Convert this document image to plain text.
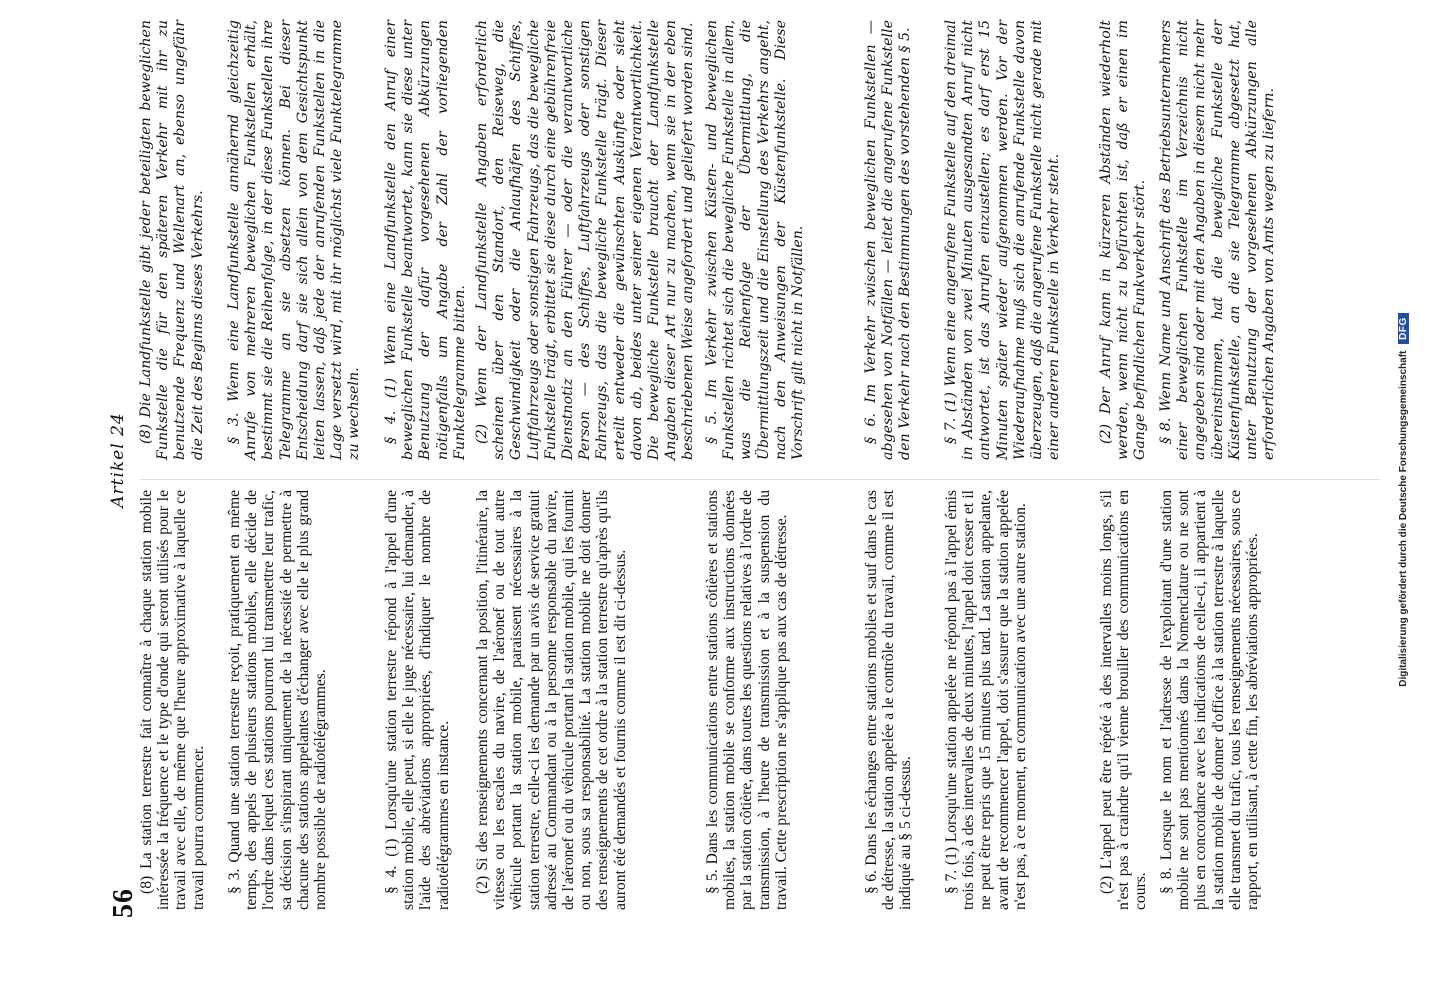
56
Artikel 24

(8) La station terrestre fait connaître à chaque station mobile intéressée la fréquence et le type d'onde qui seront utilisés pour le travail avec elle, de même que l'heure approximative à laquelle ce travail pourra commencer. § 3. Quand une station terrestre reçoit, pratiquement en même temps, des appels de plusieurs stations mobiles, elle décide de l'ordre dans lequel ces stations pourront lui transmettre leur trafic, sa décision s'inspirant uniquement de la nécessité de permettre à chacune des stations appelantes d'échanger avec elle le plus grand nombre possible de radiotélégrammes.	§ 4. (1) Lorsqu'une station terrestre répond à l'appel d'une station mobile, elle peut, si elle le juge nécessaire, lui demander, à l'aide des abréviations appropriées, d'indiquer le nombre de radiotélégrammes en instance. (2) Si des renseignements concernant la position, l'itinéraire, la vitesse ou les escales du navire, de l'aéronef ou de tout autre véhicule portant la station mobile, paraissent nécessaires à la station terrestre, celle-ci les demande par un avis de service gratuit adressé au Commandant ou à la personne responsable du navire, de l'aéronef ou du véhicule portant la station mobile, qui les fournit ou non, sous sa responsabilité. La station mobile ne doit donner des renseignements de cet ordre à la station terrestre qu'après qu'ils auront été demandés et fournis comme il est dit ci-dessus.	§ 5. Dans les communications entre stations côtières et stations mobiles, la station mobile se conforme aux instructions données par la station côtière, dans toutes les questions relatives à l'ordre de transmission, à l'heure de transmission et à la suspension du travail. Cette prescription ne s'applique pas aux cas de détresse.	§ 6. Dans les échanges entre stations mobiles et sauf dans le cas de détresse, la station appelée a le contrôle du travail, comme il est indiqué au § 5 ci-dessus. § 7. (1) Lorsqu'une station appelée ne répond pas à l'appel émis trois fois, à des intervalles de deux minutes, l'appel doit cesser et il ne peut être repris que 15 minutes plus tard. La station appelante, avant de recommencer l'appel, doit s'assurer que la station appelée n'est pas, à ce moment, en communication avec une autre station.	(2) L'appel peut être répété à des intervalles moins longs, s'il n'est pas à craindre qu'il vienne brouiller des communications en cours. § 8. Lorsque le nom et l'adresse de l'exploitant d'une station mobile ne sont pas mentionnés dans la Nomenclature ou ne sont plus en concordance avec les indications de celle-ci, il appartient à la station mobile de donner d'office à la station terrestre à laquelle elle transmet du trafic, tous les renseignements nécessaires, sous ce rapport, en utilisant, à cette fin, les abréviations appropriées.

(8) Die Landfunkstelle gibt jeder beteiligten beweglichen Funkstelle die für den späteren Verkehr mit ihr zu benutzende Frequenz und Wellenart an, ebenso ungefähr die Zeit des Beginns dieses Verkehrs. § 3. Wenn eine Landfunkstelle annähernd gleichzeitig Anrufe von mehreren beweglichen Funkstellen erhält, bestimmt sie die Reihenfolge, in der diese Funkstellen ihre Telegramme an sie absetzen können. Bei dieser Entscheidung darf sie sich allein von dem Gesichtspunkt leiten lassen, daß jede der anrufenden Funkstellen in die Lage versetzt wird, mit ihr möglichst viele Funktelegramme zu wechseln. § 4. (1) Wenn eine Landfunkstelle den Anruf einer beweglichen Funkstelle beantwortet, kann sie diese unter Benutzung der dafür vorgesehenen Abkürzungen nötigenfalls um Angabe der Zahl der vorliegenden Funktelegramme bitten. (2) Wenn der Landfunkstelle Angaben erforderlich scheinen über den Standort, den Reiseweg, die Geschwindigkeit oder die Anlaufhäfen des Schiffes, Luftfahrzeugs oder sonstigen Fahrzeugs, das die bewegliche Funkstelle trägt, erbittet sie diese durch eine gebührenfreie Dienstnotiz an den Führer — oder die verantwortliche Person — des Schiffes, Luftfahrzeugs oder sonstigen Fahrzeugs, das die bewegliche Funkstelle trägt. Dieser erteilt entweder die gewünschten Auskünfte oder sieht davon ab, beides unter seiner eigenen Verantwortlichkeit. Die bewegliche Funkstelle braucht der Landfunkstelle Angaben dieser Art nur zu machen, wenn sie in der eben beschriebenen Weise angefordert und geliefert worden sind. § 5. Im Verkehr zwischen Küsten- und beweglichen Funkstellen richtet sich die bewegliche Funkstelle in allem, was die Reihenfolge der Übermittlung, die Übermittlungszeit und die Einstellung des Verkehrs angeht, nach den Anweisungen der Küstenfunkstelle. Diese Vorschrift gilt nicht in Notfällen.	§ 6. Im Verkehr zwischen beweglichen Funkstellen — abgesehen von Notfällen — leitet die angerufene Funkstelle den Verkehr nach den Bestimmungen des vorstehenden § 5. § 7. (1) Wenn eine angerufene Funkstelle auf den dreimal in Abständen von zwei Minuten ausgesandten Anruf nicht antwortet, ist das Anrufen einzustellen; es darf erst 15 Minuten später wieder aufgenommen werden. Vor der Wiederaufnahme muß sich die anrufende Funkstelle davon überzeugen, daß die angerufene Funkstelle nicht gerade mit einer anderen Funkstelle in Verkehr steht.	(2) Der Anruf kann in kürzeren Abständen wiederholt werden, wenn nicht zu befürchten ist, daß er einen im Gange befindlichen Funkverkehr stört. § 8. Wenn Name und Anschrift des Betriebsunternehmers einer beweglichen Funkstelle im Verzeichnis nicht angegeben sind oder mit den Angaben in diesem nicht mehr übereinstimmen, hat die bewegliche Funkstelle der Küstenfunkstelle, an die sie Telegramme abgesetzt hat, unter Benutzung der vorgesehenen Abkürzungen alle erforderlichen Angaben von Amts wegen zu liefern.

Digitalisierung gefördert durch die Deutsche Forschungsgemeinschaft DFG
